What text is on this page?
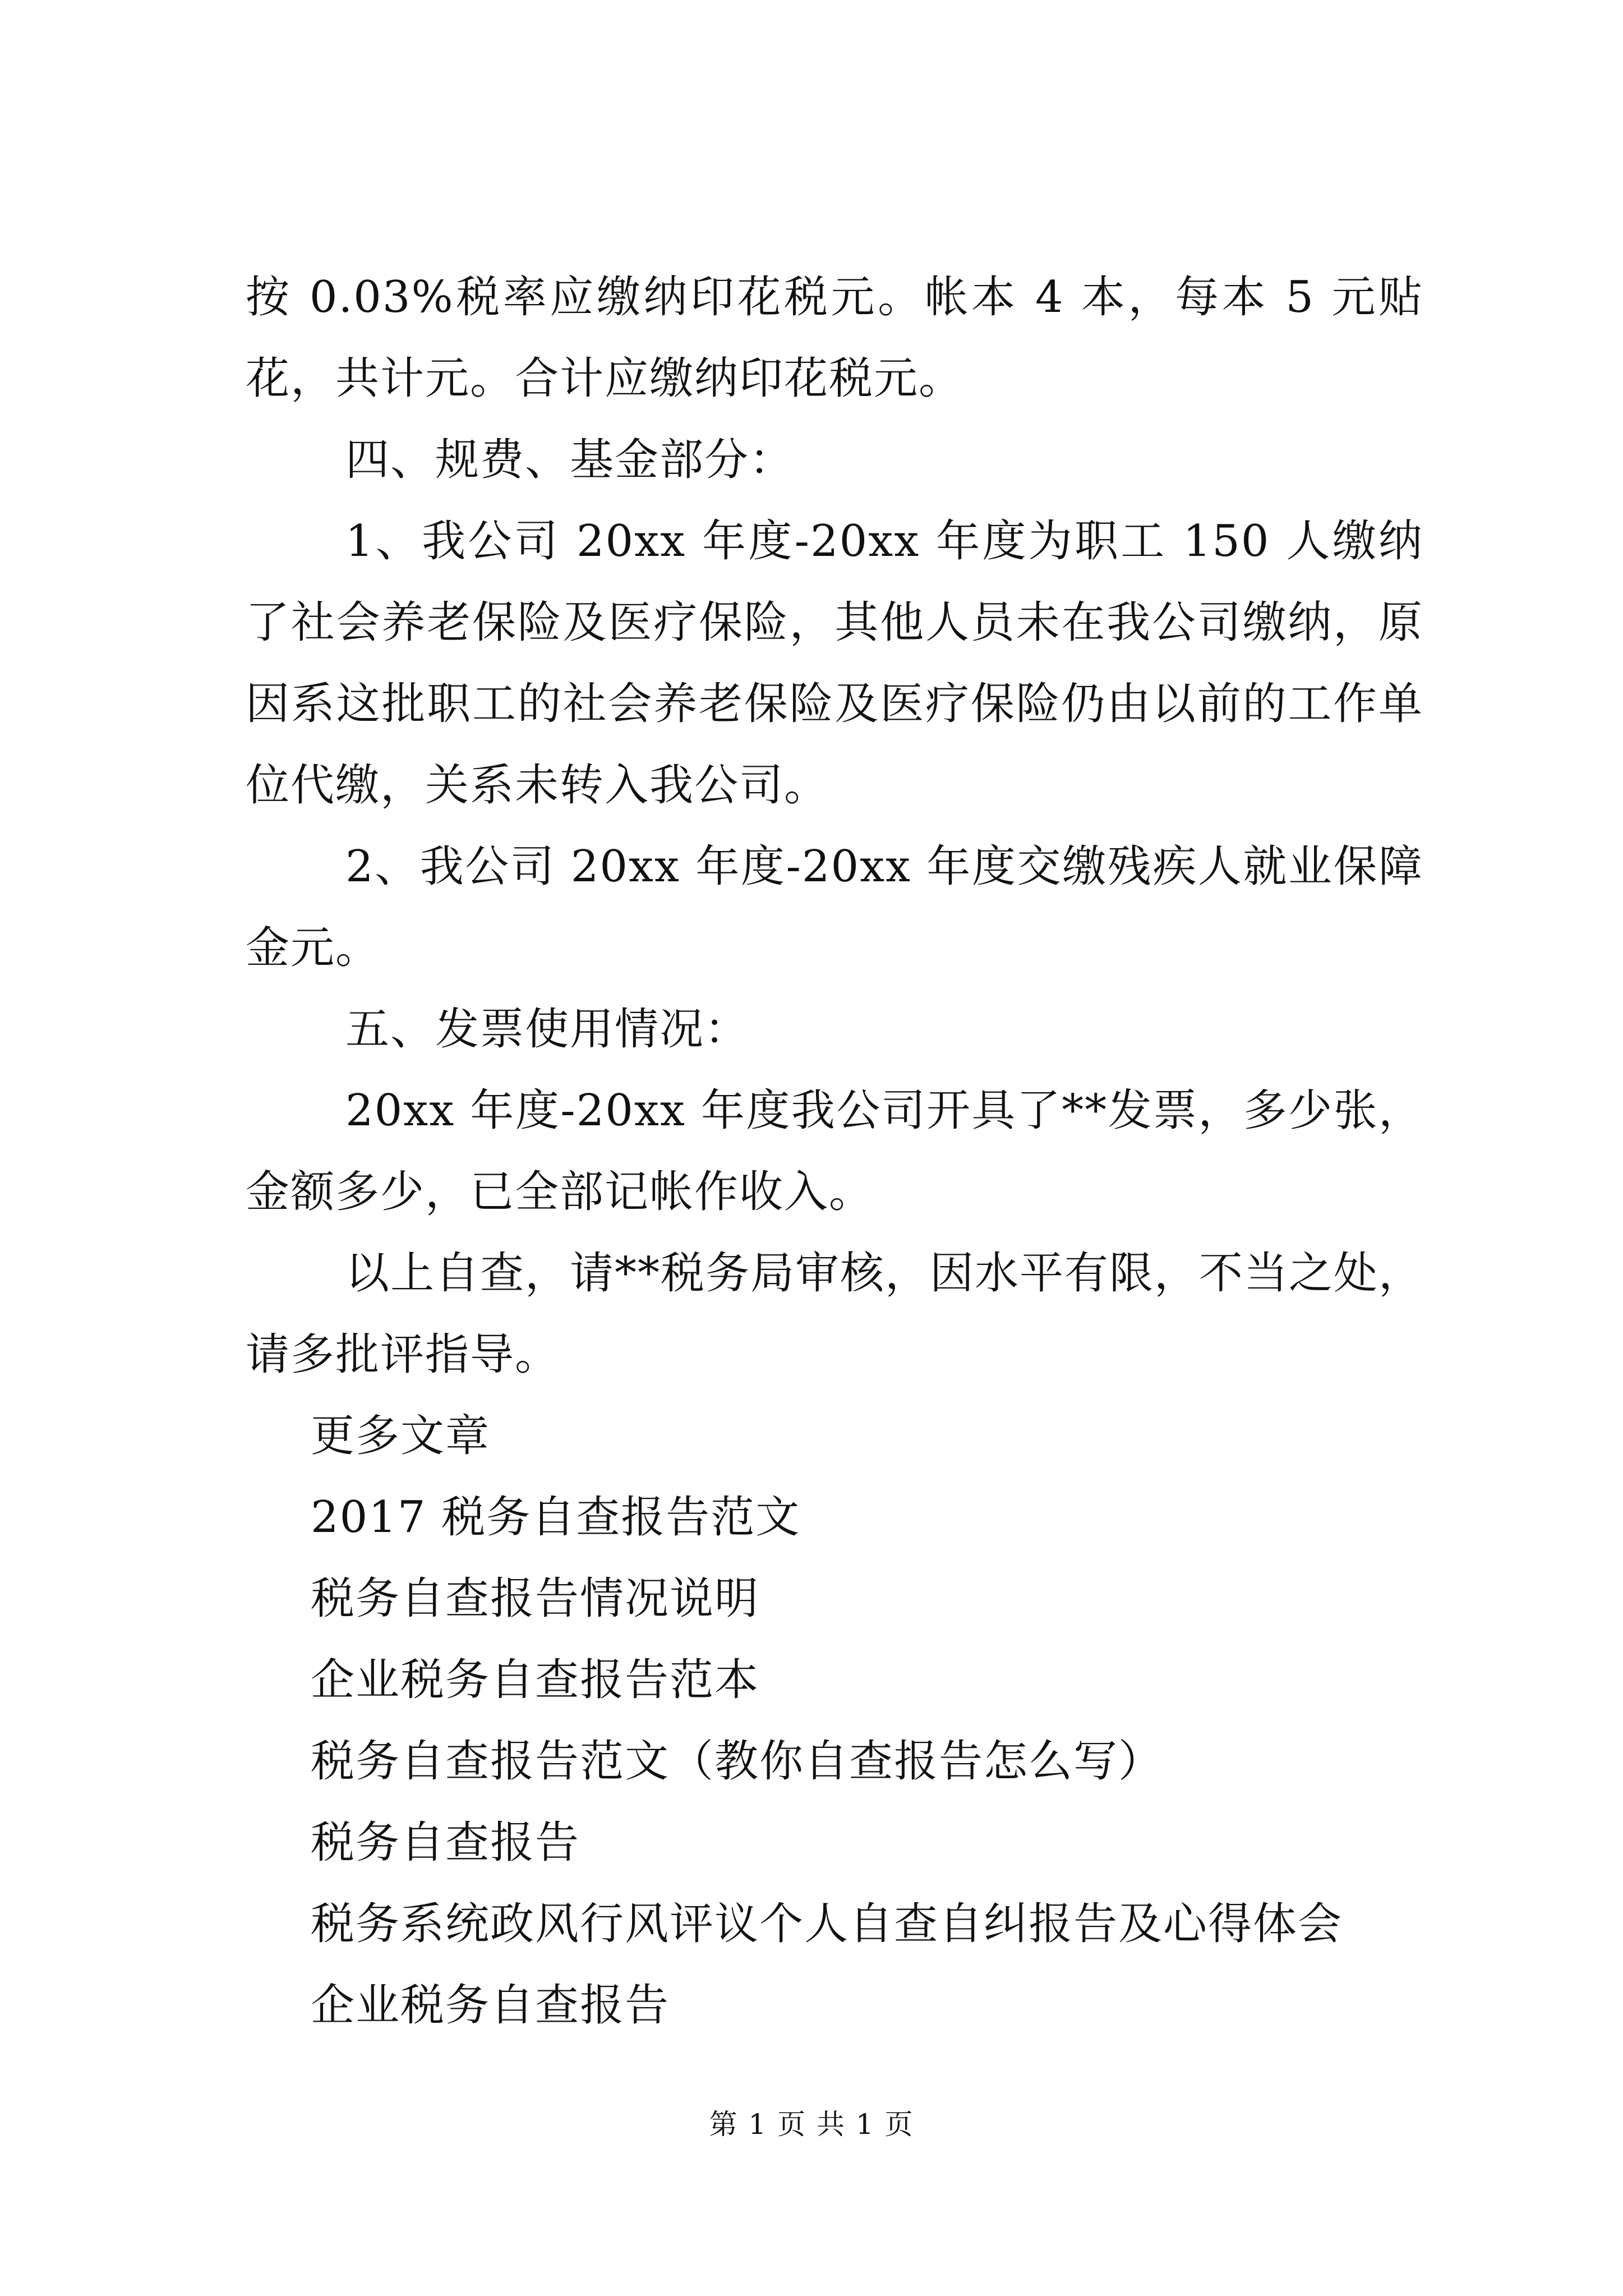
按 0.03%税率应缴纳印花税元。帐本 4 本，每本 5 元贴花，共计元。合计应缴纳印花税元。

四、规费、基金部分：

1、我公司 20xx 年度-20xx 年度为职工 150 人缴纳了社会养老保险及医疗保险，其他人员未在我公司缴纳，原因系这批职工的社会养老保险及医疗保险仍由以前的工作单位代缴，关系未转入我公司。

2、我公司 20xx 年度-20xx 年度交缴残疾人就业保障金元。

五、发票使用情况：

20xx 年度-20xx 年度我公司开具了**发票，多少张，金额多少，已全部记帐作收入。

以上自查，请**税务局审核，因水平有限，不当之处，请多批评指导。

更多文章

2017 税务自查报告范文
税务自查报告情况说明
企业税务自查报告范本
税务自查报告范文（教你自查报告怎么写）
税务自查报告
税务系统政风行风评议个人自查自纠报告及心得体会
企业税务自查报告
第 1 页 共 1 页
